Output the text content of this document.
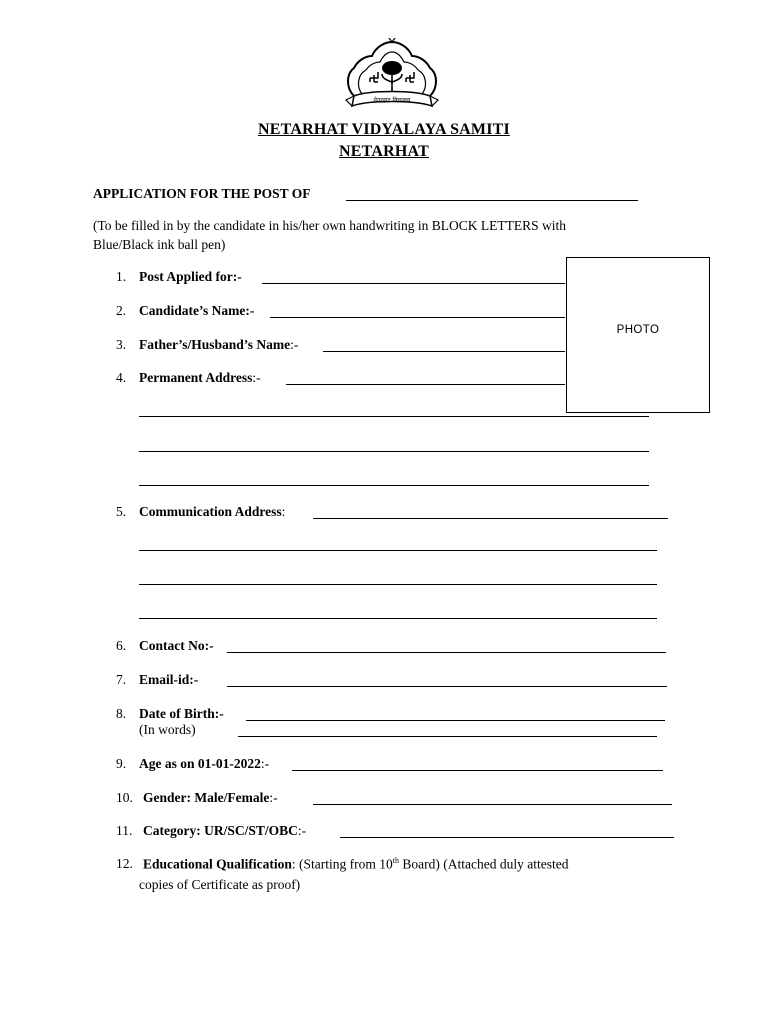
नेतरहाट विद्यालय
NETARHAT VIDYALAYA SAMITI
NETARHAT
APPLICATION FOR THE POST OF
(To be filled in by the candidate in his/her own handwriting in BLOCK LETTERS with
Blue/Black ink ball pen)
PHOTO
1. Post Applied for:-
2. Candidate’s Name:-
3. Father’s/Husband’s Name:-
4. Permanent Address:-
5. Communication Address:
6. Contact No:-
7. Email-id:-
8. Date of Birth:-
(In words)
9. Age as on 01-01-2022:-
10. Gender: Male/Female:-
11. Category: UR/SC/ST/OBC:-
12. Educational Qualification: (Starting from 10th Board) (Attached duly attested
copies of Certificate as proof)
